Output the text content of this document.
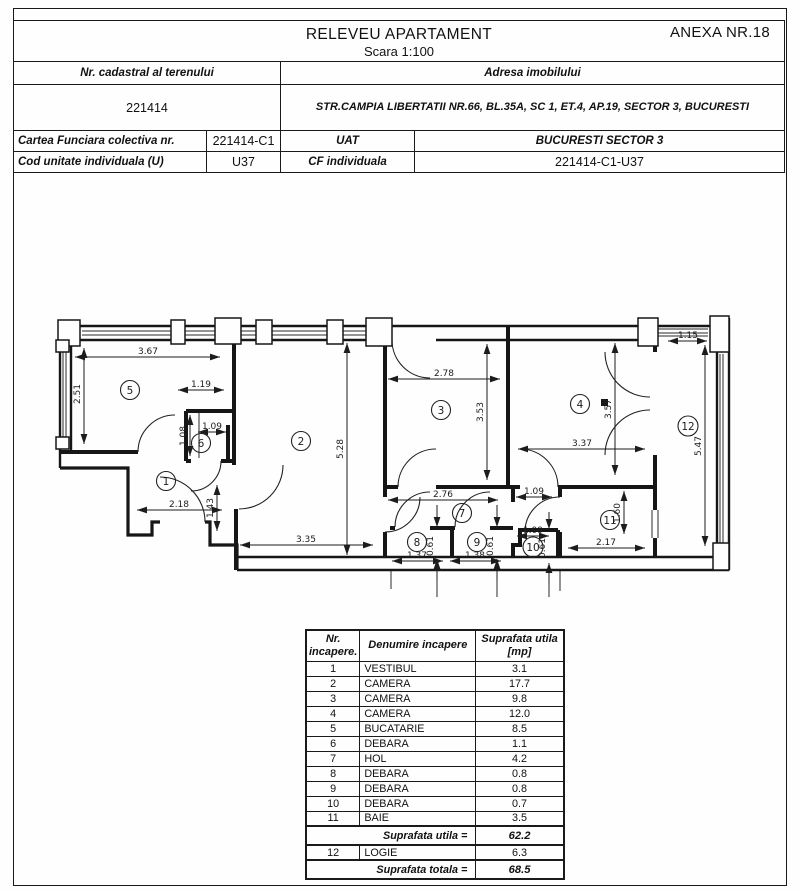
ANEXA NR.18
RELEVEU APARTAMENT
Scara 1:100
Nr. cadastral al terenului	Adresa imobilului
221414	STR.CAMPIA LIBERTATII NR.66, BL.35A, SC 1, ET.4, AP.19, SECTOR 3, BUCURESTI
Cartea Funciara colectiva nr.	221414-C1	UAT	BUCURESTI SECTOR 3
Cod unitate individuala (U)	U37	CF individuala	221414-C1-U37
3.67
2.51	1.19
1.09
1.08
1.43
2.18
5.28
3.35
2.78
3.53
2.76	1.09
3.57
3.37
1.15
5.47
1.60
2.17
1.09
1.37
0.61	1.38 0.61	0.61
1
2
3	4
5
6
7
8	9	10
11
12
Nr. incapere.	Denumire incapere	Suprafata utila [mp]
1	VESTIBUL	3.1
2	CAMERA	17.7
3	CAMERA	9.8
4	CAMERA	12.0
5	BUCATARIE	8.5
6	DEBARA	1.1
7	HOL	4.2
8	DEBARA	0.8
9	DEBARA	0.8
10	DEBARA	0.7
11	BAIE	3.5
Suprafata utila =		62.2
12	LOGIE	6.3
Suprafata totala =		68.5
